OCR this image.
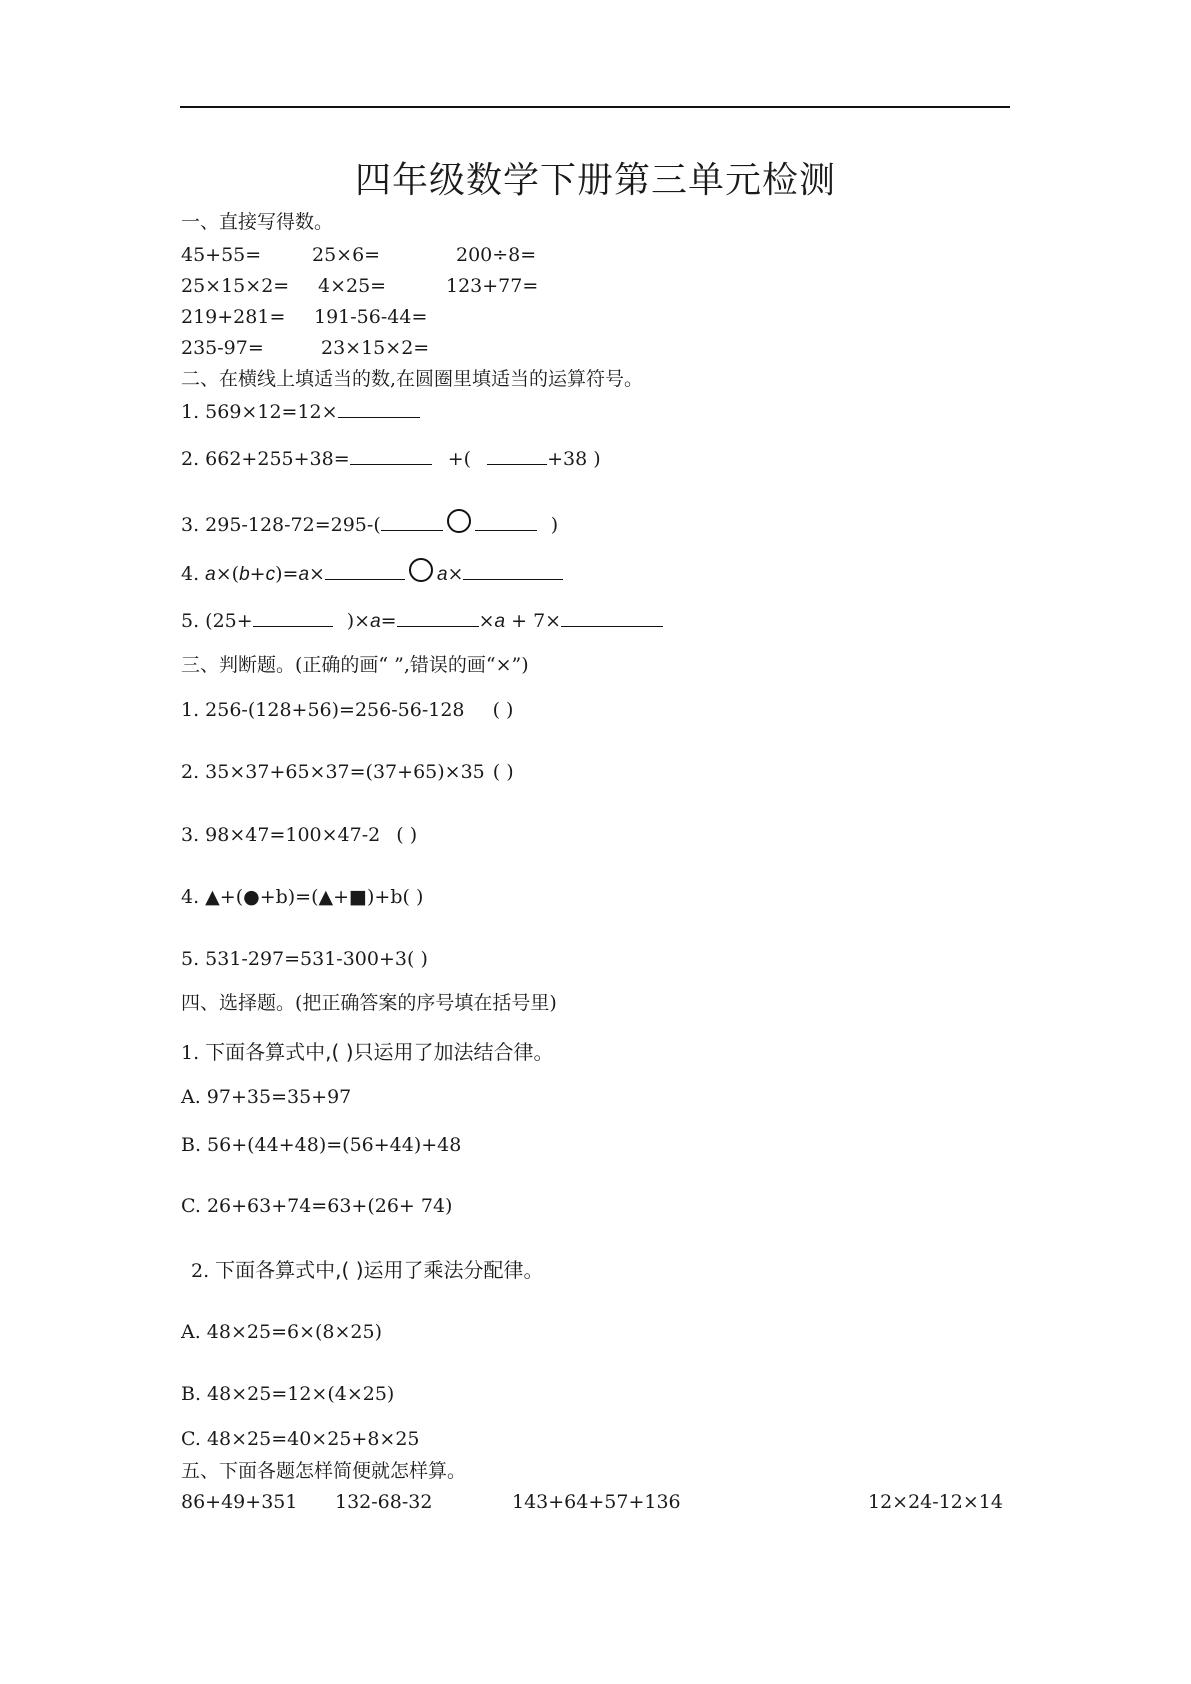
四年级数学下册第三单元检测
一、直接写得数。
45+55=	25×6=	200÷8=
25×15×2= 4×25=	123+77=
219+281= 191-56-44=
235-97=	23×15×2=
二、在横线上填适当的数,在圆圈里填适当的运算符号。
1. 569×12=12×
2. 662+255+38=	+(	+38 )
3. 295-128-72=295-(	)
4. a×(b+c)=a×	a×
5. (25+	)×a=	×a + 7×
三、判断题。(正确的画“ ”,错误的画“×”)
1. 256-(128+56)=256-56-128 ( )
2. 35×37+65×37=(37+65)×35 ( )
3. 98×47=100×47-2 ( )
4. ▲+(●+b)=(▲+■)+b( )
5. 531-297=531-300+3( )
四、选择题。(把正确答案的序号填在括号里)
1. 下面各算式中,( )只运用了加法结合律。
A. 97+35=35+97
B. 56+(44+48)=(56+44)+48
C. 26+63+74=63+(26+ 74)
2. 下面各算式中,( )运用了乘法分配律。
A. 48×25=6×(8×25)
B. 48×25=12×(4×25)
C. 48×25=40×25+8×25
五、下面各题怎样简便就怎样算。
86+49+351 132-68-32	143+64+57+136	12×24-12×14
